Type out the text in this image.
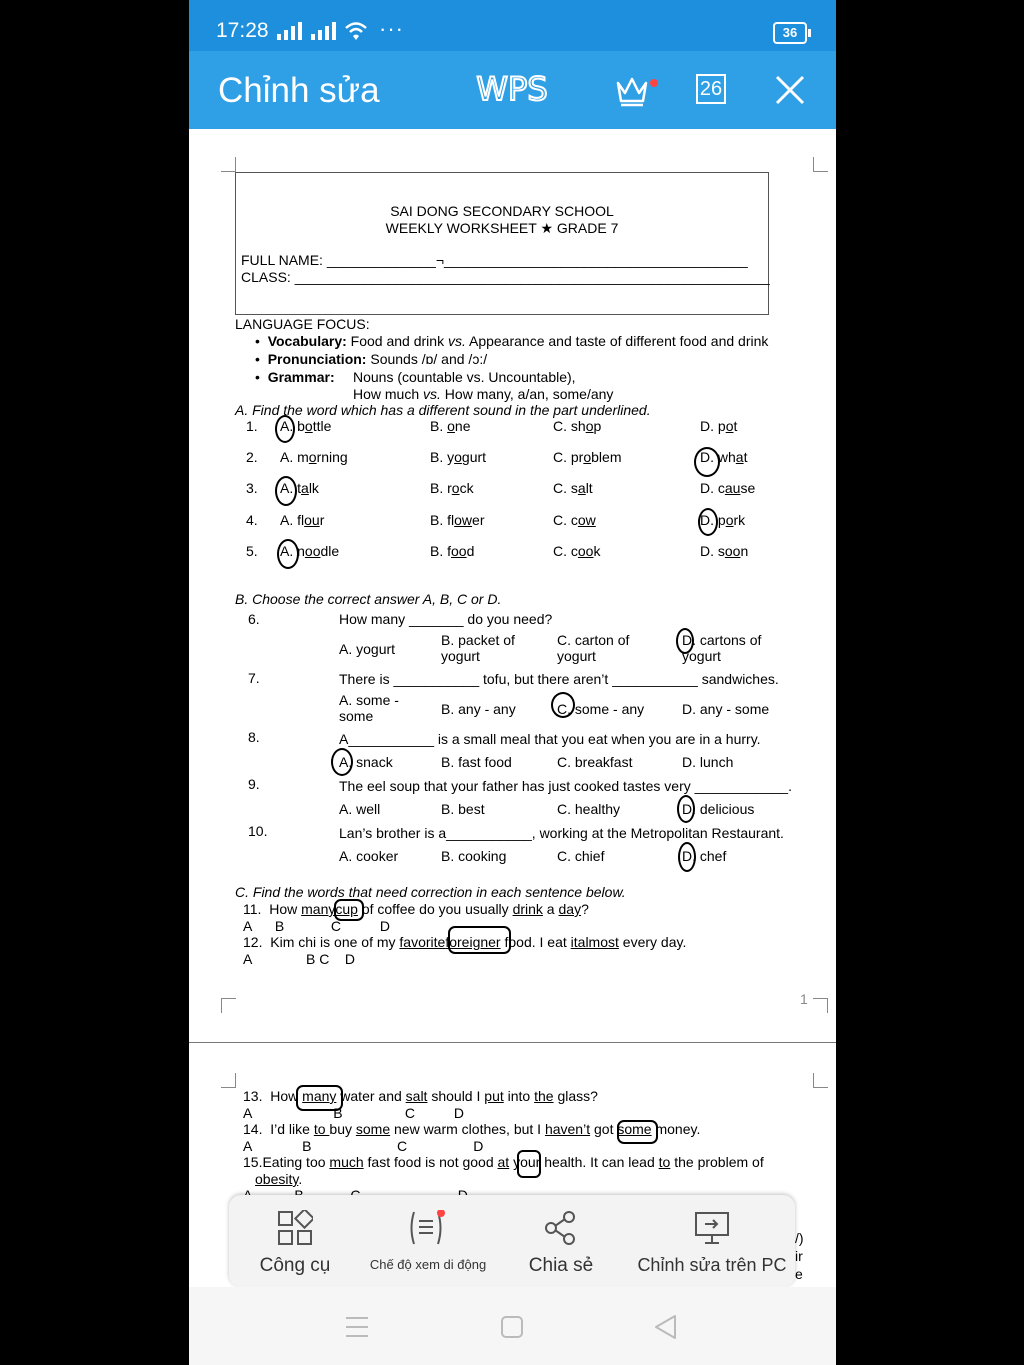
17:28	···	36
Chỉnh sửa	WPS	26
SAI DONG SECONDARY SCHOOL
WEEKLY WORKSHEET ★ GRADE 7
FULL NAME: ______________¬_______________________________________
CLASS: _____________________________________________________________
LANGUAGE FOCUS:
•  Vocabulary: Food and drink vs. Appearance and taste of different food and drink
•  Pronunciation: Sounds /ɒ/ and /ɔ:/
•  Grammar: Nouns (countable vs. Uncountable),
How much vs. How many, a/an, some/any
A. Find the word which has a different sound in the part underlined.
1. A. bottle	B. one	C. shop	D. pot
2. A. morning	B. yogurt	C. problem	D. what
3. A. talk	B. rock	C. salt	D. cause
4. A. flour	B. flower	C. cow	D. pork
5. A. noodle	B. food	C. cook	D. soon
B. Choose the correct answer A, B, C or D.
6.	How many _______ do you need?
A. yogurt
B. packet of
yogurt
C. carton of
yogurt
D. cartons of
yogurt
7.	There is ___________ tofu, but there aren’t ___________ sandwiches.
A. some -
some	B. any - any	C. some - any	D. any - some
8.	A___________ is a small meal that you eat when you are in a hurry.
A. snack	B. fast food	C. breakfast	D. lunch
9.	The eel soup that your father has just cooked tastes very ____________.
A. well	B. best	C. healthy	D. delicious
10.	Lan’s brother is a___________, working at the Metropolitan Restaurant.
A. cooker	B. cooking	C. chief	D. chef
C. Find the words that need correction in each sentence below.
11. How manycup of coffee do you usually drink a day?
A      B            C          D
12. Kim chi is one of my favoriteforeigner food. I eat italmost every day.
A              B C    D
1
13. How many water and salt should I put into the glass?
A                     B                C          D
14. I’d like to buy some new warm clothes, but I haven’t got some money.
A             B                      C                 D
15.Eating too much fast food is not good at your health. It can lead to the problem of
obesity.
/)
ir
e
Công cụ	Chế độ xem di động Chia sẻ Chỉnh sửa trên PC
